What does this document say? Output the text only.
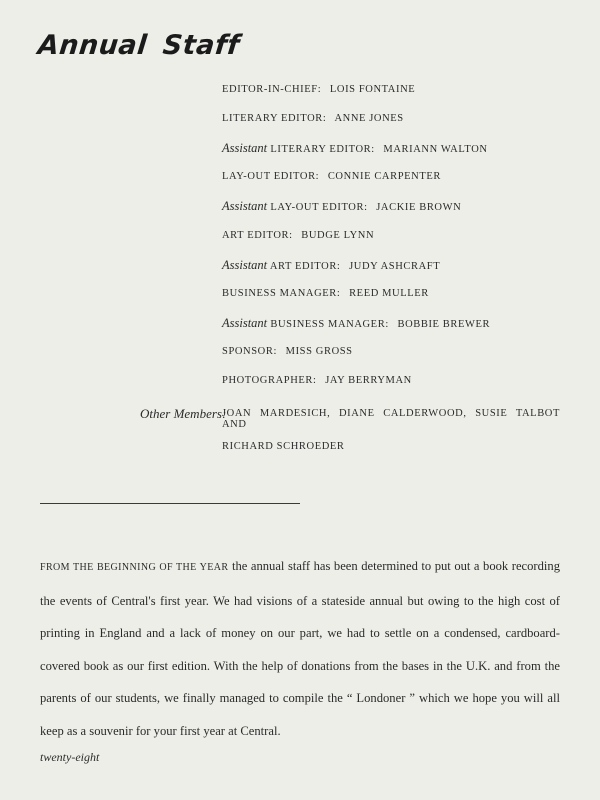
Annual Staff
EDITOR-IN-CHIEF: LOIS FONTAINE
LITERARY EDITOR: ANNE JONES
Assistant LITERARY EDITOR: MARIANN WALTON
LAY-OUT EDITOR: CONNIE CARPENTER
Assistant LAY-OUT EDITOR: JACKIE BROWN
ART EDITOR: BUDGE LYNN
Assistant ART EDITOR: JUDY ASHCRAFT
BUSINESS MANAGER: REED MULLER
Assistant BUSINESS MANAGER: BOBBIE BREWER
SPONSOR: MISS GROSS
PHOTOGRAPHER: JAY BERRYMAN
Other Members:
JOAN MARDESICH, DIANE CALDERWOOD, SUSIE TALBOT AND
RICHARD SCHROEDER
FROM THE BEGINNING OF THE YEAR the annual staff has been determined to put out a book recording the events of Central's first year. We had visions of a stateside annual but owing to the high cost of printing in England and a lack of money on our part, we had to settle on a condensed, cardboard-covered book as our first edition. With the help of donations from the bases in the U.K. and from the parents of our students, we finally managed to compile the “ Londoner ” which we hope you will all keep as a souvenir for your first year at Central.
twenty-eight
